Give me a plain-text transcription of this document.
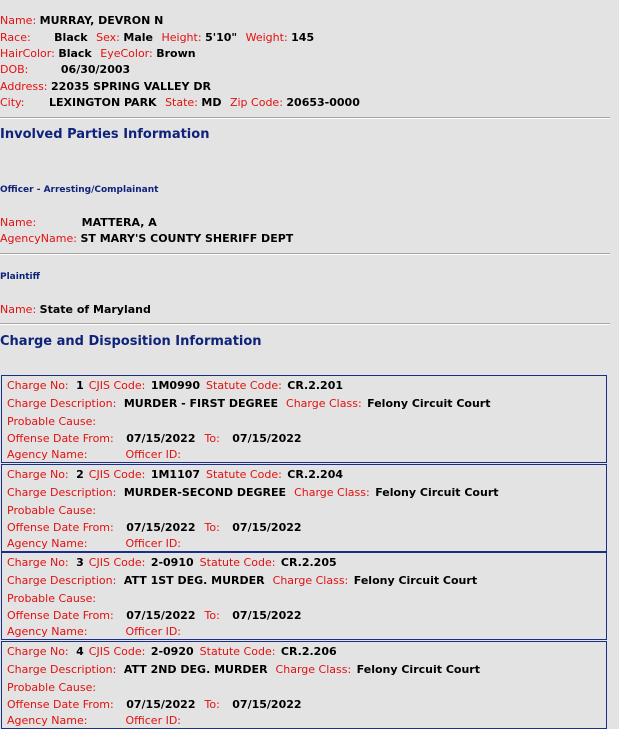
Name: MURRAY, DEVRON N
Race: Black Sex: Male Height: 5'10" Weight: 145
HairColor: Black EyeColor: Brown
DOB:	06/30/2003
Address: 22035 SPRING VALLEY DR
City: LEXINGTON PARK State: MD Zip Code: 20653-0000
Involved Parties Information
Officer - Arresting/Complainant
Name:	MATTERA, A
AgencyName: ST MARY'S COUNTY SHERIFF DEPT
Plaintiff
Name: State of Maryland
Charge and Disposition Information
Charge No: 1 CJIS Code: 1M0990 Statute Code: CR.2.201
Charge Description: MURDER - FIRST DEGREE Charge Class: Felony Circuit Court
Probable Cause:
Offense Date From: 07/15/2022 To: 07/15/2022
Agency Name:	Officer ID:
Charge No: 2 CJIS Code: 1M1107 Statute Code: CR.2.204
Charge Description: MURDER-SECOND DEGREE Charge Class: Felony Circuit Court
Probable Cause:
Offense Date From: 07/15/2022 To: 07/15/2022
Agency Name:	Officer ID:
Charge No: 3 CJIS Code: 2-0910 Statute Code: CR.2.205
Charge Description: ATT 1ST DEG. MURDER Charge Class: Felony Circuit Court
Probable Cause:
Offense Date From: 07/15/2022 To: 07/15/2022
Agency Name:	Officer ID:
Charge No: 4 CJIS Code: 2-0920 Statute Code: CR.2.206
Charge Description: ATT 2ND DEG. MURDER Charge Class: Felony Circuit Court
Probable Cause:
Offense Date From: 07/15/2022 To: 07/15/2022
Agency Name:	Officer ID:
